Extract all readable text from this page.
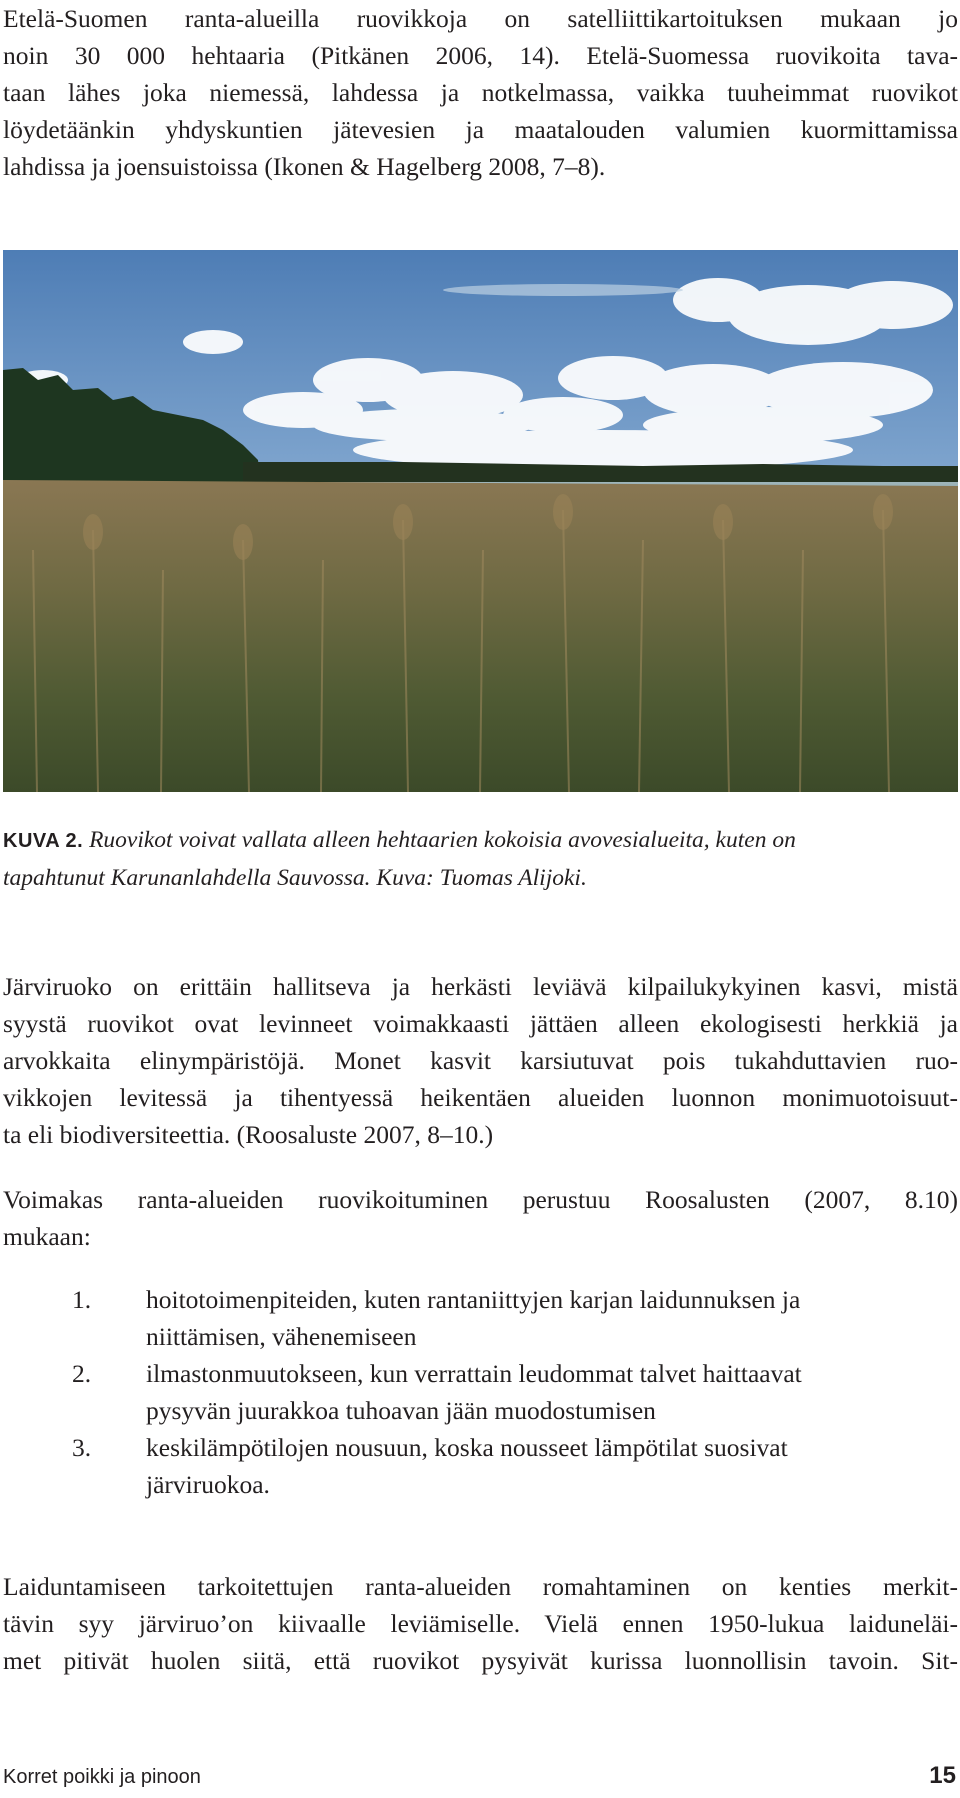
Etelä-Suomen ranta-alueilla ruovikkoja on satelliittikartoituksen mukaan jo
noin 30 000 hehtaaria (Pitkänen 2006, 14). Etelä-Suomessa ruovikoita tava-
taan lähes joka niemessä, lahdessa ja notkelmassa, vaikka tuuheimmat ruovikot
löydetäänkin yhdyskuntien jätevesien ja maatalouden valumien kuormittamissa
lahdissa ja joensuistoissa (Ikonen & Hagelberg 2008, 7–8).

KUVA 2. Ruovikot voivat vallata alleen hehtaarien kokoisia avovesialueita, kuten on
tapahtunut Karunanlahdella Sauvossa. Kuva: Tuomas Alijoki.

Järviruoko on erittäin hallitseva ja herkästi leviävä kilpailukykyinen kasvi, mistä
syystä ruovikot ovat levinneet voimakkaasti jättäen alleen ekologisesti herkkiä ja
arvokkaita elinympäristöjä. Monet kasvit karsiutuvat pois tukahduttavien ruo-
vikkojen levitessä ja tihentyessä heikentäen alueiden luonnon monimuotoisuut-
ta eli biodiversiteettia. (Roosaluste 2007, 8–10.)

Voimakas ranta-alueiden ruovikoituminen perustuu Roosalusten (2007, 8.10)
mukaan:

1. hoitotoimenpiteiden, kuten rantaniittyjen karjan laidunnuksen ja
niittämisen, vähenemiseen
2. ilmastonmuutokseen, kun verrattain leudommat talvet haittaavat
pysyvän juurakkoa tuhoavan jään muodostumisen
3. keskilämpötilojen nousuun, koska nousseet lämpötilat suosivat
järviruokoa.

Laiduntamiseen tarkoitettujen ranta-alueiden romahtaminen on kenties merkit-
tävin syy järviruo’on kiivaalle leviämiselle. Vielä ennen 1950-lukua laiduneläi-
met pitivät huolen siitä, että ruovikot pysyivät kurissa luonnollisin tavoin. Sit-

Korret poikki ja pinoon	15
